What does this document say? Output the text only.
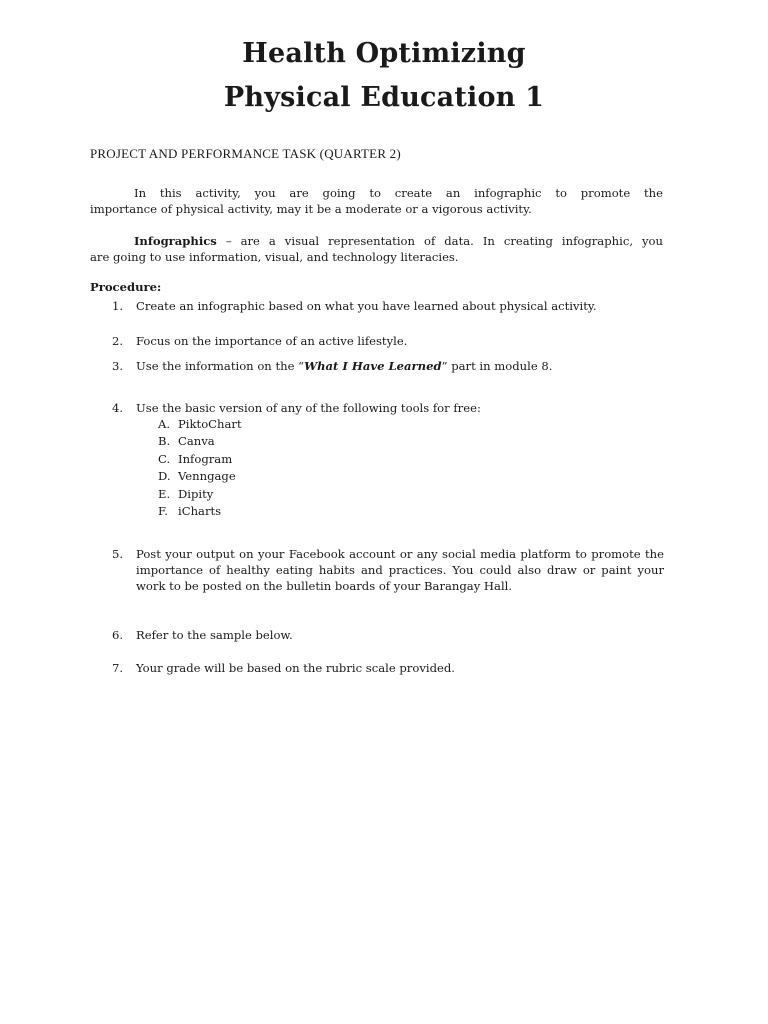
Health Optimizing
Physical Education 1
PROJECT AND PERFORMANCE TASK (QUARTER 2)
In this activity, you are going to create an infographic to promote the
importance of physical activity, may it be a moderate or a vigorous activity.
Infographics – are a visual representation of data. In creating infographic, you
are going to use information, visual, and technology literacies.
Procedure:
1.	Create an infographic based on what you have learned about physical activity.
2.	Focus on the importance of an active lifestyle.
3.	Use the information on the “What I Have Learned” part in module 8.
4.	Use the basic version of any of the following tools for free:
A. PiktoChart
B. Canva
C. Infogram
D. Venngage
E. Dipity
F. iCharts
5.	Post your output on your Facebook account or any social media platform to promote the importance of healthy eating habits and practices. You could also draw or paint your work to be posted on the bulletin boards of your Barangay Hall.
6.	Refer to the sample below.
7.	Your grade will be based on the rubric scale provided.
